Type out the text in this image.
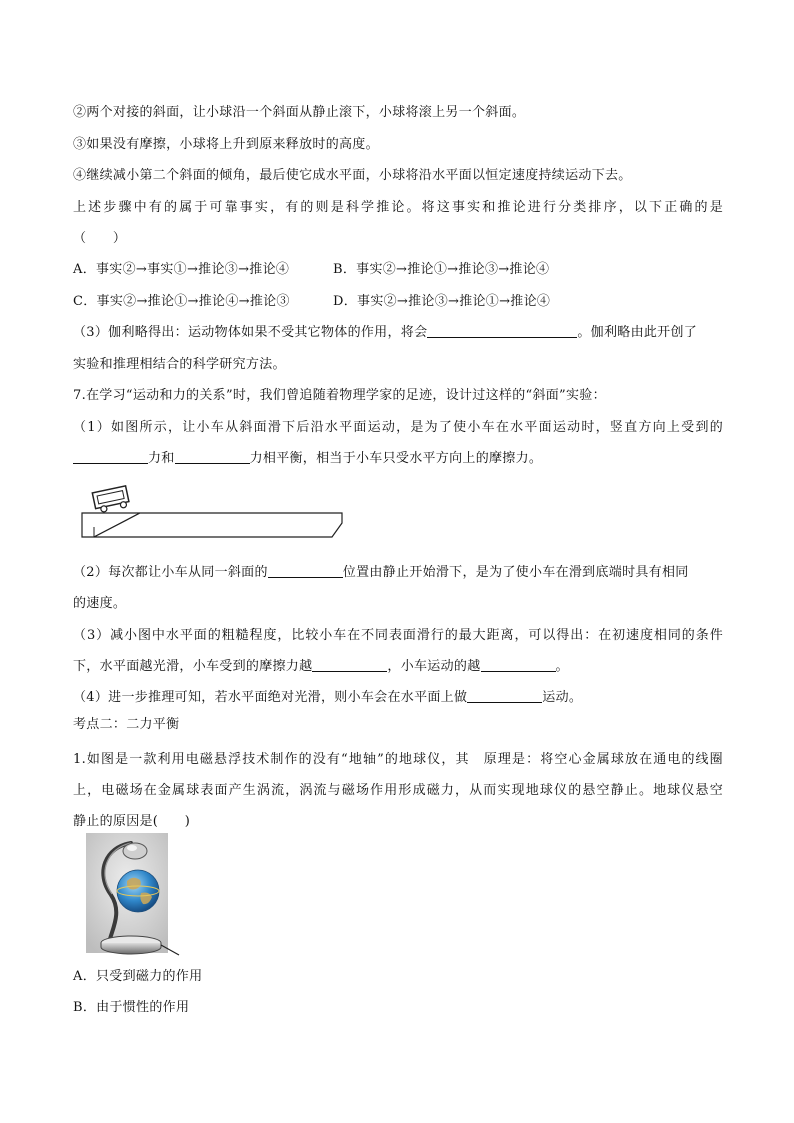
②两个对接的斜面，让小球沿一个斜面从静止滚下，小球将滚上另一个斜面。
③如果没有摩擦，小球将上升到原来释放时的高度。
④继续减小第二个斜面的倾角，最后使它成水平面，小球将沿水平面以恒定速度持续运动下去。
上述步骤中有的属于可靠事实，有的则是科学推论。将这事实和推论进行分类排序，以下正确的是
（　　）
A．事实②→事实①→推论③→推论④	B．事实②→推论①→推论③→推论④
C．事实②→推论①→推论④→推论③	D．事实②→推论③→推论①→推论④
（3）伽利略得出：运动物体如果不受其它物体的作用，将会	。伽利略由此开创了
实验和推理相结合的科学研究方法。
7.在学习“运动和力的关系”时，我们曾追随着物理学家的足迹，设计过这样的“斜面”实验：
（1）如图所示，让小车从斜面滑下后沿水平面运动，是为了使小车在水平面运动时，竖直方向上受到的
力和	力相平衡，相当于小车只受水平方向上的摩擦力。
（2）每次都让小车从同一斜面的	位置由静止开始滑下，是为了使小车在滑到底端时具有相同
的速度。
（3）减小图中水平面的粗糙程度，比较小车在不同表面滑行的最大距离，可以得出：在初速度相同的条件
下，水平面越光滑，小车受到的摩擦力越	，小车运动的越	。
（4）进一步推理可知，若水平面绝对光滑，则小车会在水平面上做	运动。
考点二：二力平衡
1.如图是一款利用电磁悬浮技术制作的没有“地轴”的地球仪，其　原理是：将空心金属球放在通电的线圈
上，电磁场在金属球表面产生涡流，涡流与磁场作用形成磁力，从而实现地球仪的悬空静止。地球仪悬空
静止的原因是(　　)
A．只受到磁力的作用
B．由于惯性的作用
